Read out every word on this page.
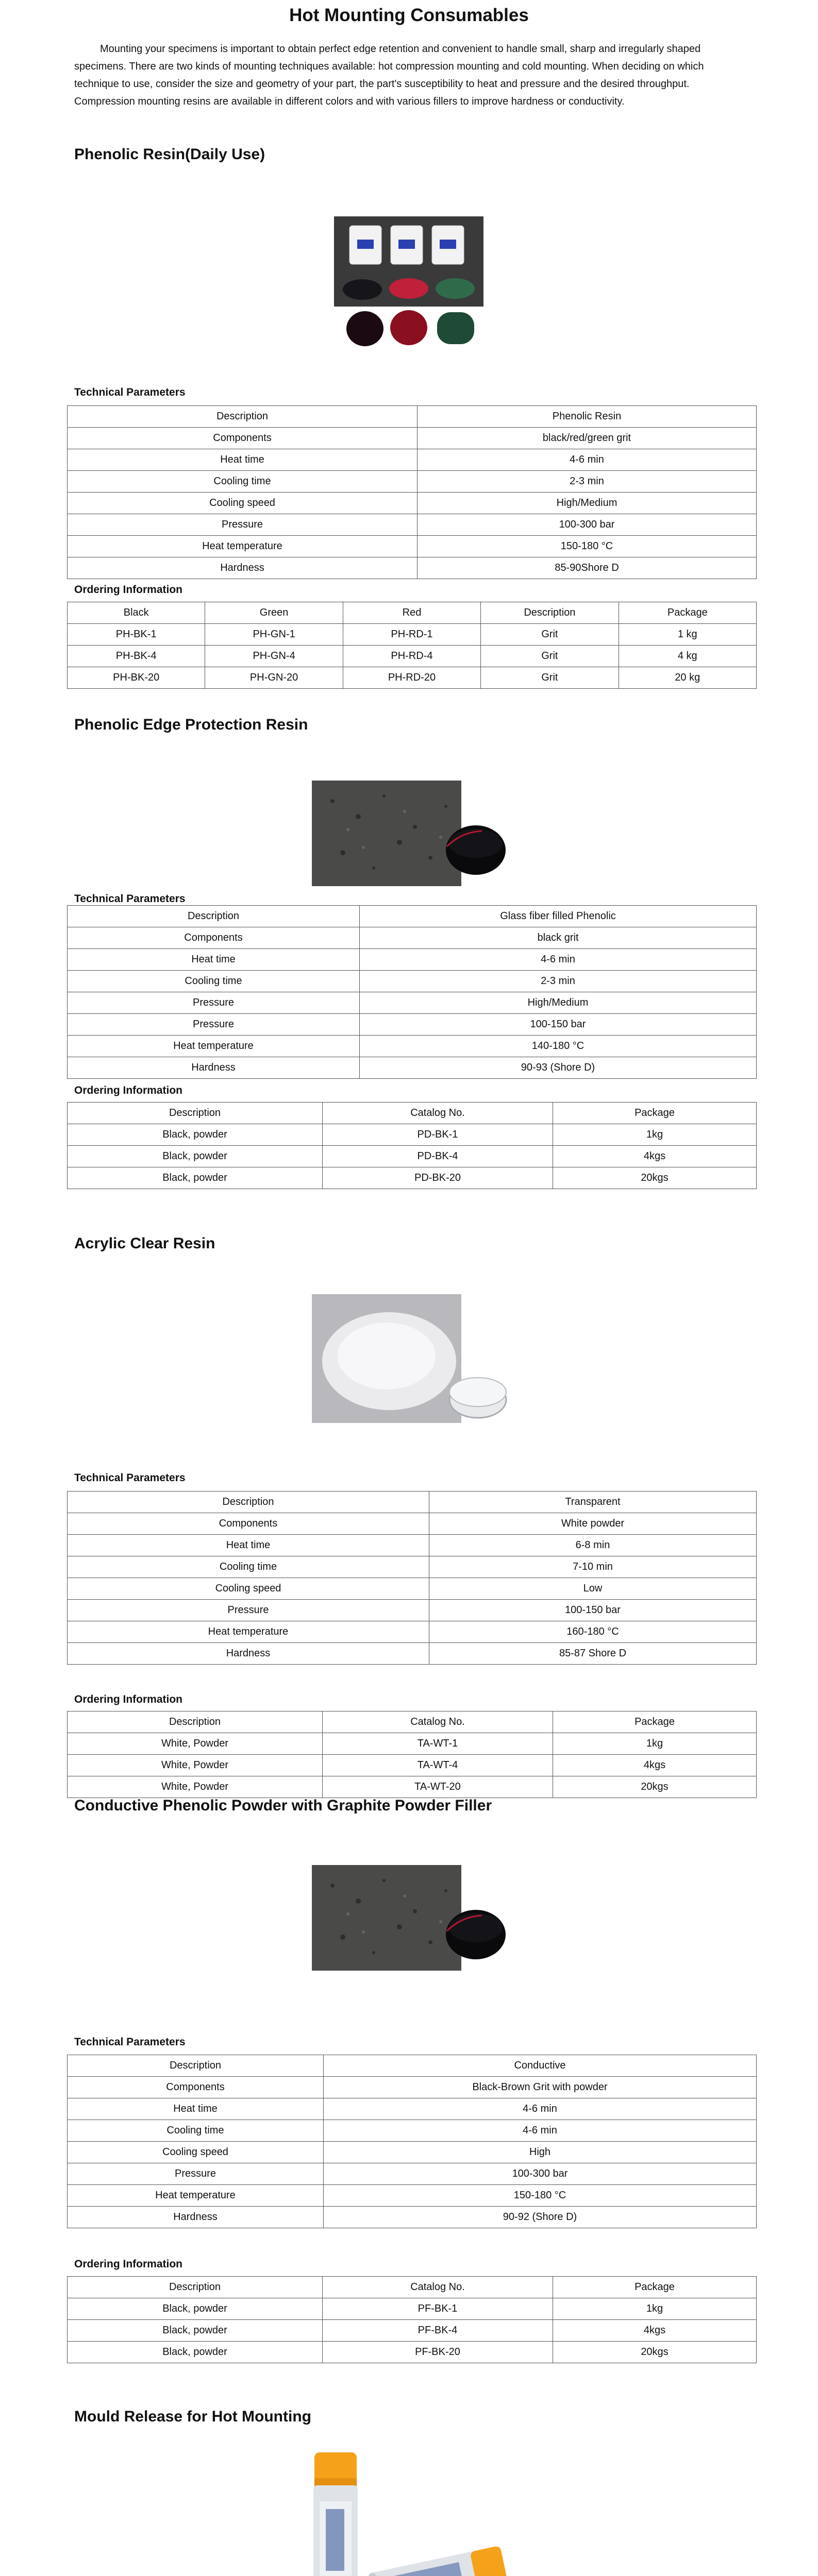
Hot Mounting Consumables

Mounting your specimens is important to obtain perfect edge retention and convenient to handle small, sharp and irregularly shaped specimens. There are two kinds of mounting techniques available: hot compression mounting and cold mounting. When deciding on which technique to use, consider the size and geometry of your part, the part's susceptibility to heat and pressure and the desired throughput. Compression mounting resins are available in different colors and with various fillers to improve hardness or conductivity.

Phenolic Resin(Daily Use)
Technical Parameters
Description	Phenolic Resin
Components	black/red/green grit
Heat time	4-6 min
Cooling time	2-3 min
Cooling speed	High/Medium
Pressure	100-300 bar
Heat temperature	150-180 °C
Hardness	85-90Shore D
Ordering Information
Black	Green	Red	Description	Package
PH-BK-1	PH-GN-1	PH-RD-1	Grit	1 kg
PH-BK-4	PH-GN-4	PH-RD-4	Grit	4 kg
PH-BK-20	PH-GN-20	PH-RD-20	Grit	20 kg
Phenolic Edge Protection Resin
Technical Parameters
Description	Glass fiber filled Phenolic
Components	black grit
Heat time	4-6 min
Cooling time	2-3 min
Pressure	High/Medium
Pressure	100-150 bar
Heat temperature	140-180 °C
Hardness	90-93 (Shore D)
Ordering Information
Description	Catalog No.	Package
Black, powder	PD-BK-1	1kg
Black, powder	PD-BK-4	4kgs
Black, powder	PD-BK-20	20kgs
Acrylic Clear Resin
Technical Parameters
Description	Transparent
Components	White powder
Heat time	6-8 min
Cooling time	7-10 min
Cooling speed	Low
Pressure	100-150 bar
Heat temperature	160-180 °C
Hardness	85-87 Shore D
Ordering Information
Description	Catalog No.	Package
White, Powder	TA-WT-1	1kg
White, Powder	TA-WT-4	4kgs
White, Powder	TA-WT-20	20kgs
Conductive Phenolic Powder with Graphite Powder Filler
Technical Parameters
Description	Conductive
Components	Black-Brown Grit with powder
Heat time	4-6 min
Cooling time	4-6 min
Cooling speed	High
Pressure	100-300 bar
Heat temperature	150-180 °C
Hardness	90-92 (Shore D)
Ordering Information
Description	Catalog No.	Package
Black, powder	PF-BK-1	1kg
Black, powder	PF-BK-4	4kgs
Black, powder	PF-BK-20	20kgs
Mould Release for Hot Mounting
